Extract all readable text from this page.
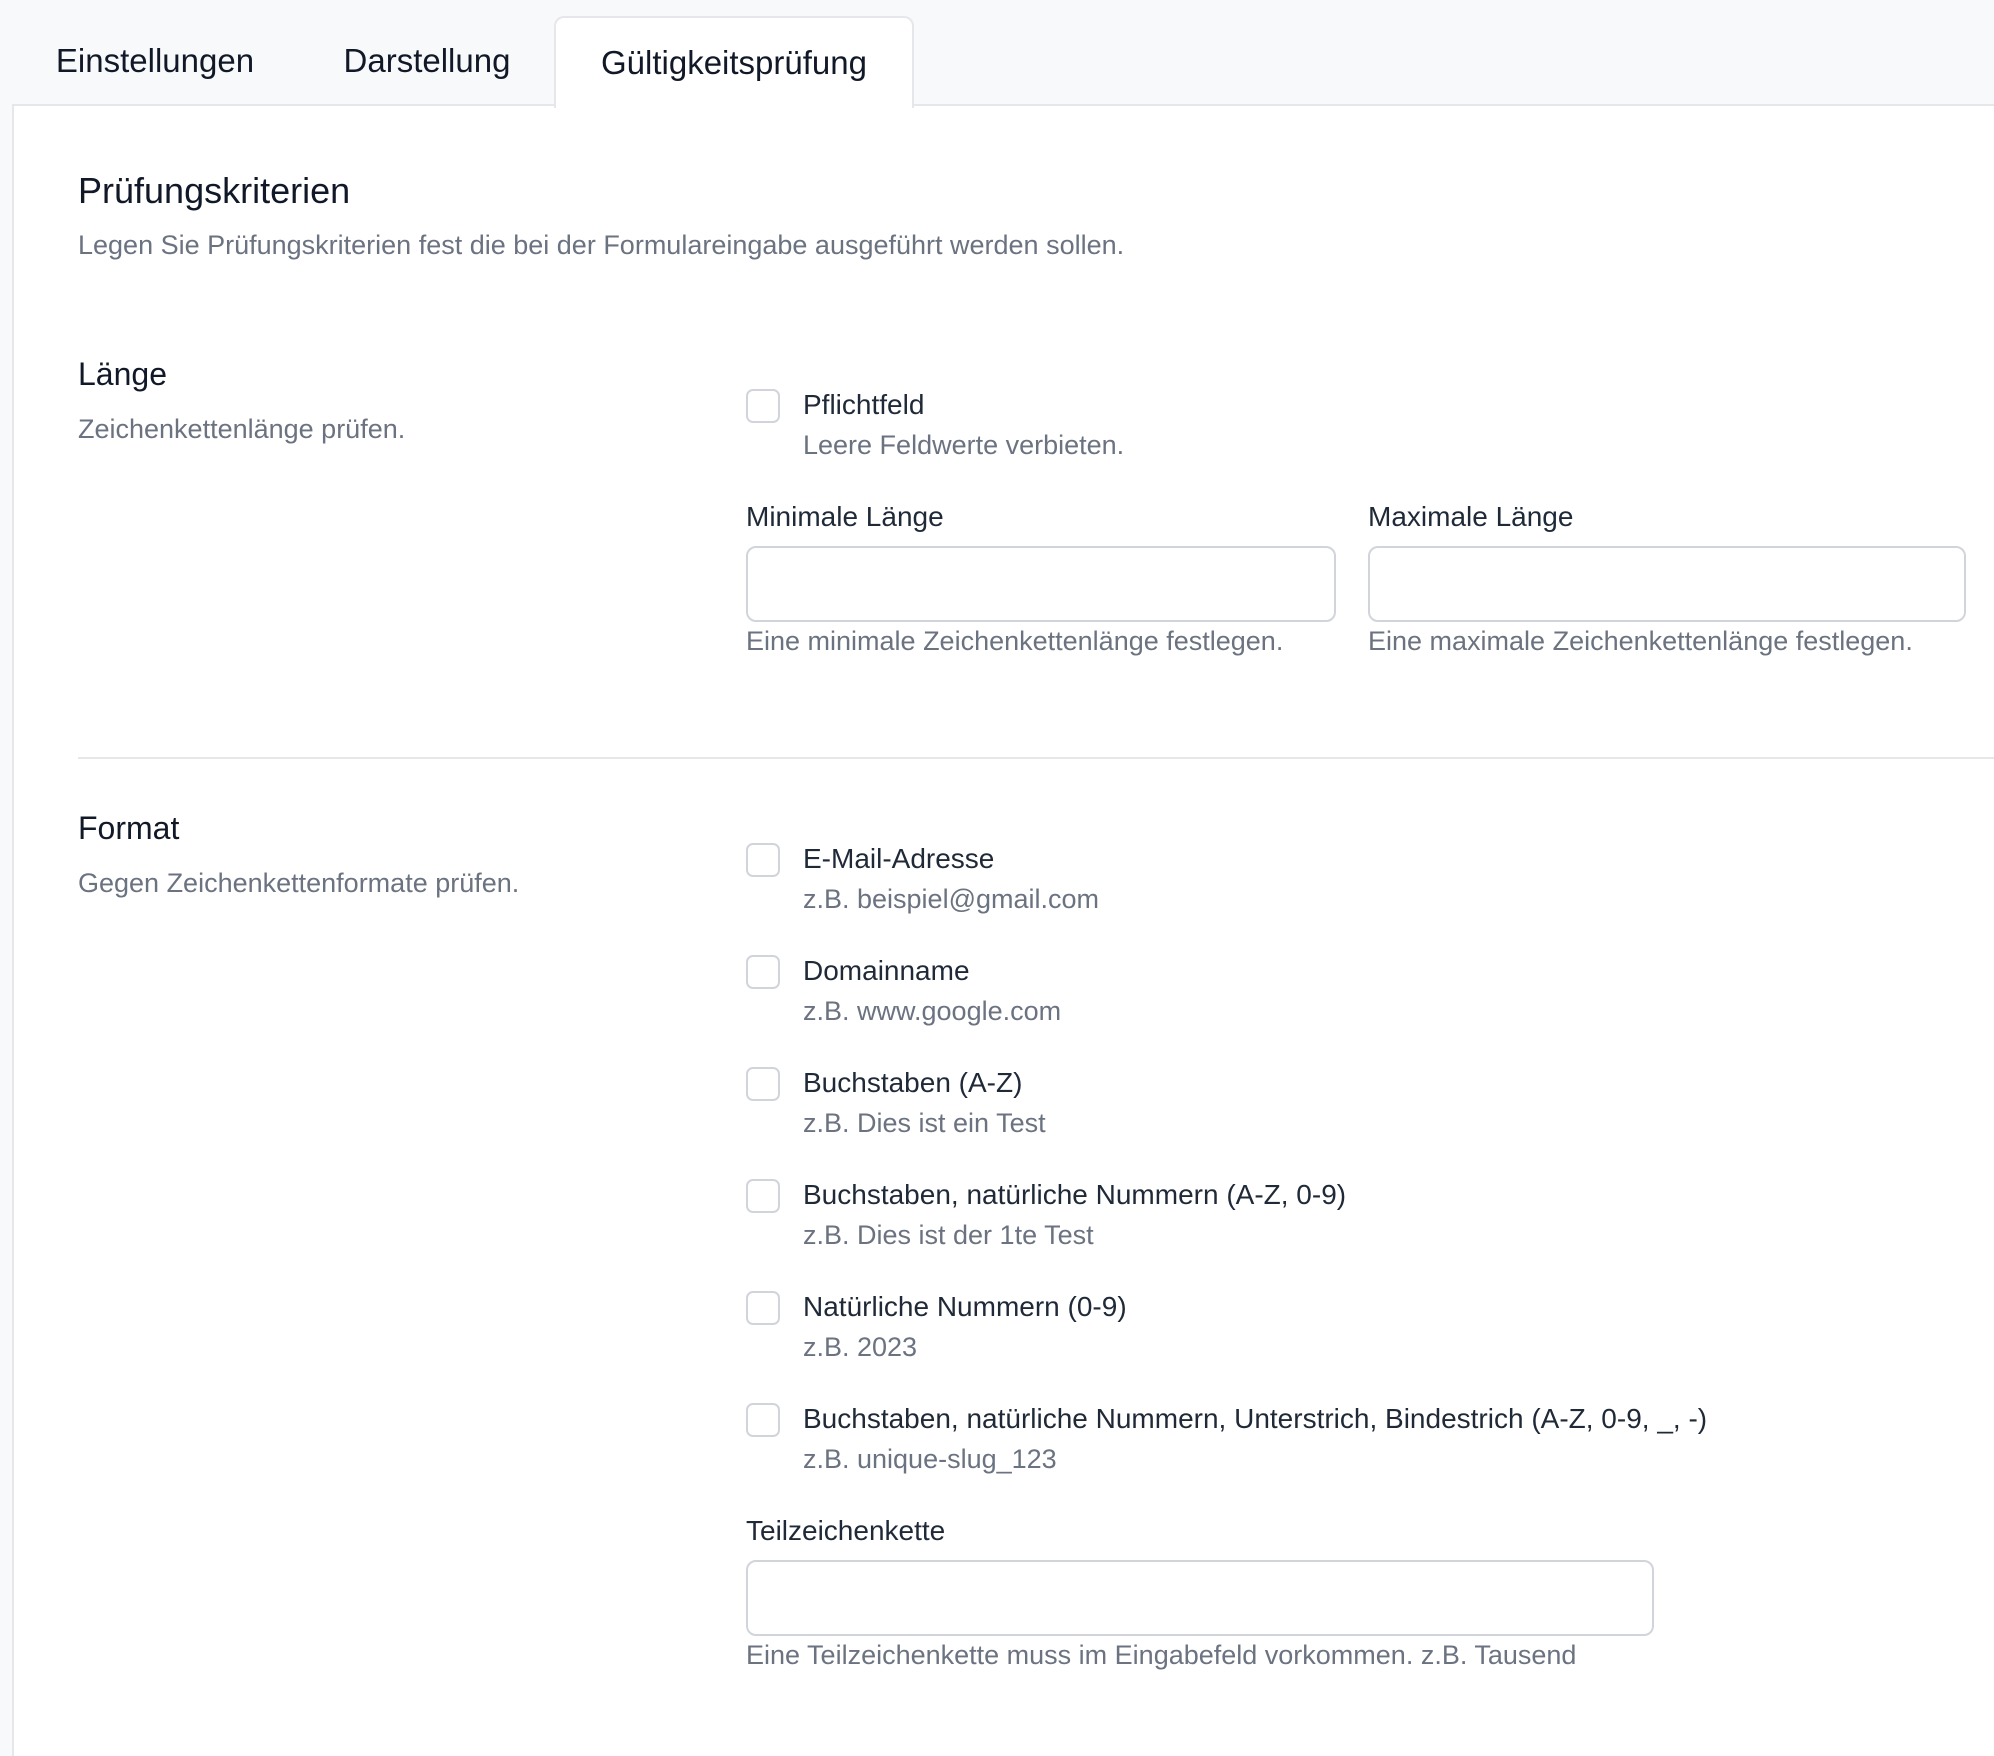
Einstellungen	Darstellung	Gültigkeitsprüfung
Prüfungskriterien
Legen Sie Prüfungskriterien fest die bei der Formulareingabe ausgeführt werden sollen.
Länge
Zeichenkettenlänge prüfen.
Pflichtfeld
Leere Feldwerte verbieten.
Minimale Länge
Eine minimale Zeichenkettenlänge festlegen.
Maximale Länge
Eine maximale Zeichenkettenlänge festlegen.
Format
Gegen Zeichenkettenformate prüfen.
E-Mail-Adresse
z.B. beispiel@gmail.com
Domainname
z.B. www.google.com
Buchstaben (A-Z)
z.B. Dies ist ein Test
Buchstaben, natürliche Nummern (A-Z, 0-9)
z.B. Dies ist der 1te Test
Natürliche Nummern (0-9)
z.B. 2023
Buchstaben, natürliche Nummern, Unterstrich, Bindestrich (A-Z, 0-9, _, -)
z.B. unique-slug_123
Teilzeichenkette
Eine Teilzeichenkette muss im Eingabefeld vorkommen. z.B. Tausend
